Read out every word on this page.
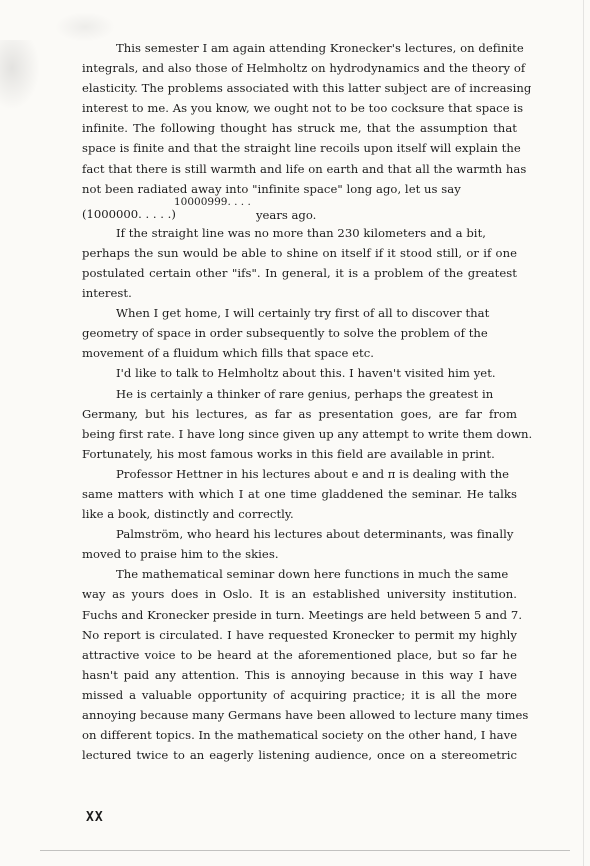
This semester I am again attending Kronecker's lectures, on definite
integrals, and also those of Helmholtz on hydrodynamics and the theory of
elasticity. The problems associated with this latter subject are of increasing
interest to me. As you know, we ought not to be too cocksure that space is
infinite. The following thought has struck me, that the assumption that
space is finite and that the straight line recoils upon itself will explain the
fact that there is still warmth and life on earth and that all the warmth has
not been radiated away into "infinite space" long ago, let us say
(1000000. . . . .)
10000999. . . .
years ago.
If the straight line was no more than 230 kilometers and a bit,
perhaps the sun would be able to shine on itself if it stood still, or if one
postulated certain other "ifs". In general, it is a problem of the greatest
interest.
When I get home, I will certainly try first of all to discover that
geometry of space in order subsequently to solve the problem of the
movement of a fluidum which fills that space etc.
I'd like to talk to Helmholtz about this. I haven't visited him yet.
He is certainly a thinker of rare genius, perhaps the greatest in
Germany, but his lectures, as far as presentation goes, are far from
being first rate. I have long since given up any attempt to write them down.
Fortunately, his most famous works in this field are available in print.
Professor Hettner in his lectures about e and π is dealing with the
same matters with which I at one time gladdened the seminar. He talks
like a book, distinctly and correctly.
Palmström, who heard his lectures about determinants, was finally
moved to praise him to the skies.
The mathematical seminar down here functions in much the same
way as yours does in Oslo. It is an established university institution.
Fuchs and Kronecker preside in turn. Meetings are held between 5 and 7.
No report is circulated. I have requested Kronecker to permit my highly
attractive voice to be heard at the aforementioned place, but so far he
hasn't paid any attention. This is annoying because in this way I have
missed a valuable opportunity of acquiring practice; it is all the more
annoying because many Germans have been allowed to lecture many times
on different topics. In the mathematical society on the other hand, I have
lectured twice to an eagerly listening audience, once on a stereometric
XX
